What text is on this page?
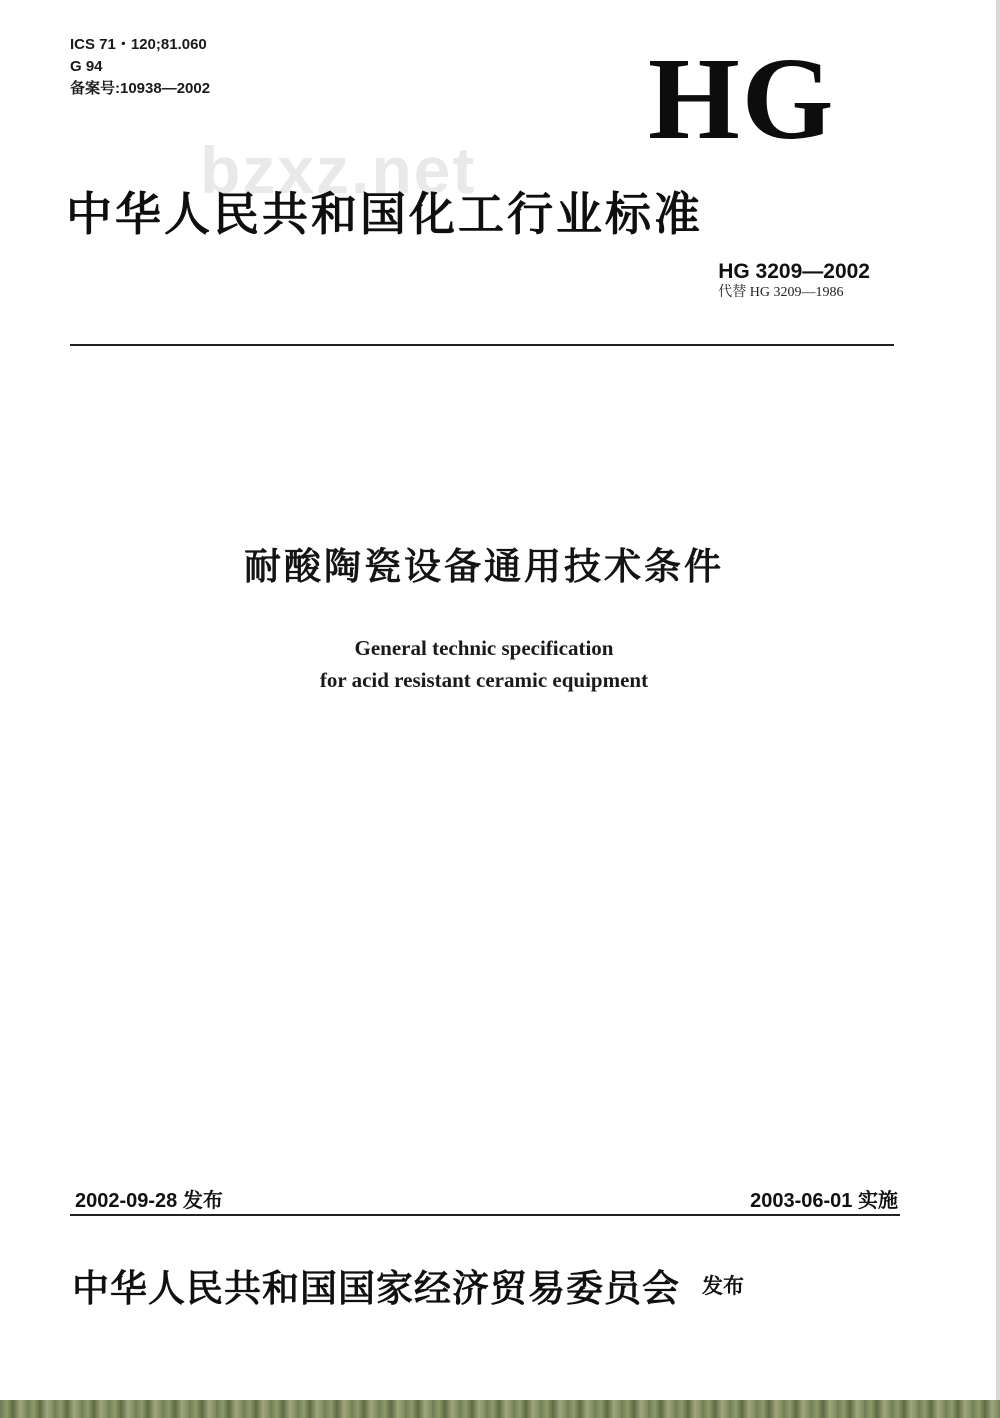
ICS 71・120;81.060
G 94
备案号:10938—2002	HG
bzxz.net
中华人民共和国化工行业标准
HG 3209—2002
代替 HG 3209—1986
耐酸陶瓷设备通用技术条件
General technic specification
for acid resistant ceramic equipment
2002-09-28 发布	2003-06-01 实施
中华人民共和国国家经济贸易委员会 发布
